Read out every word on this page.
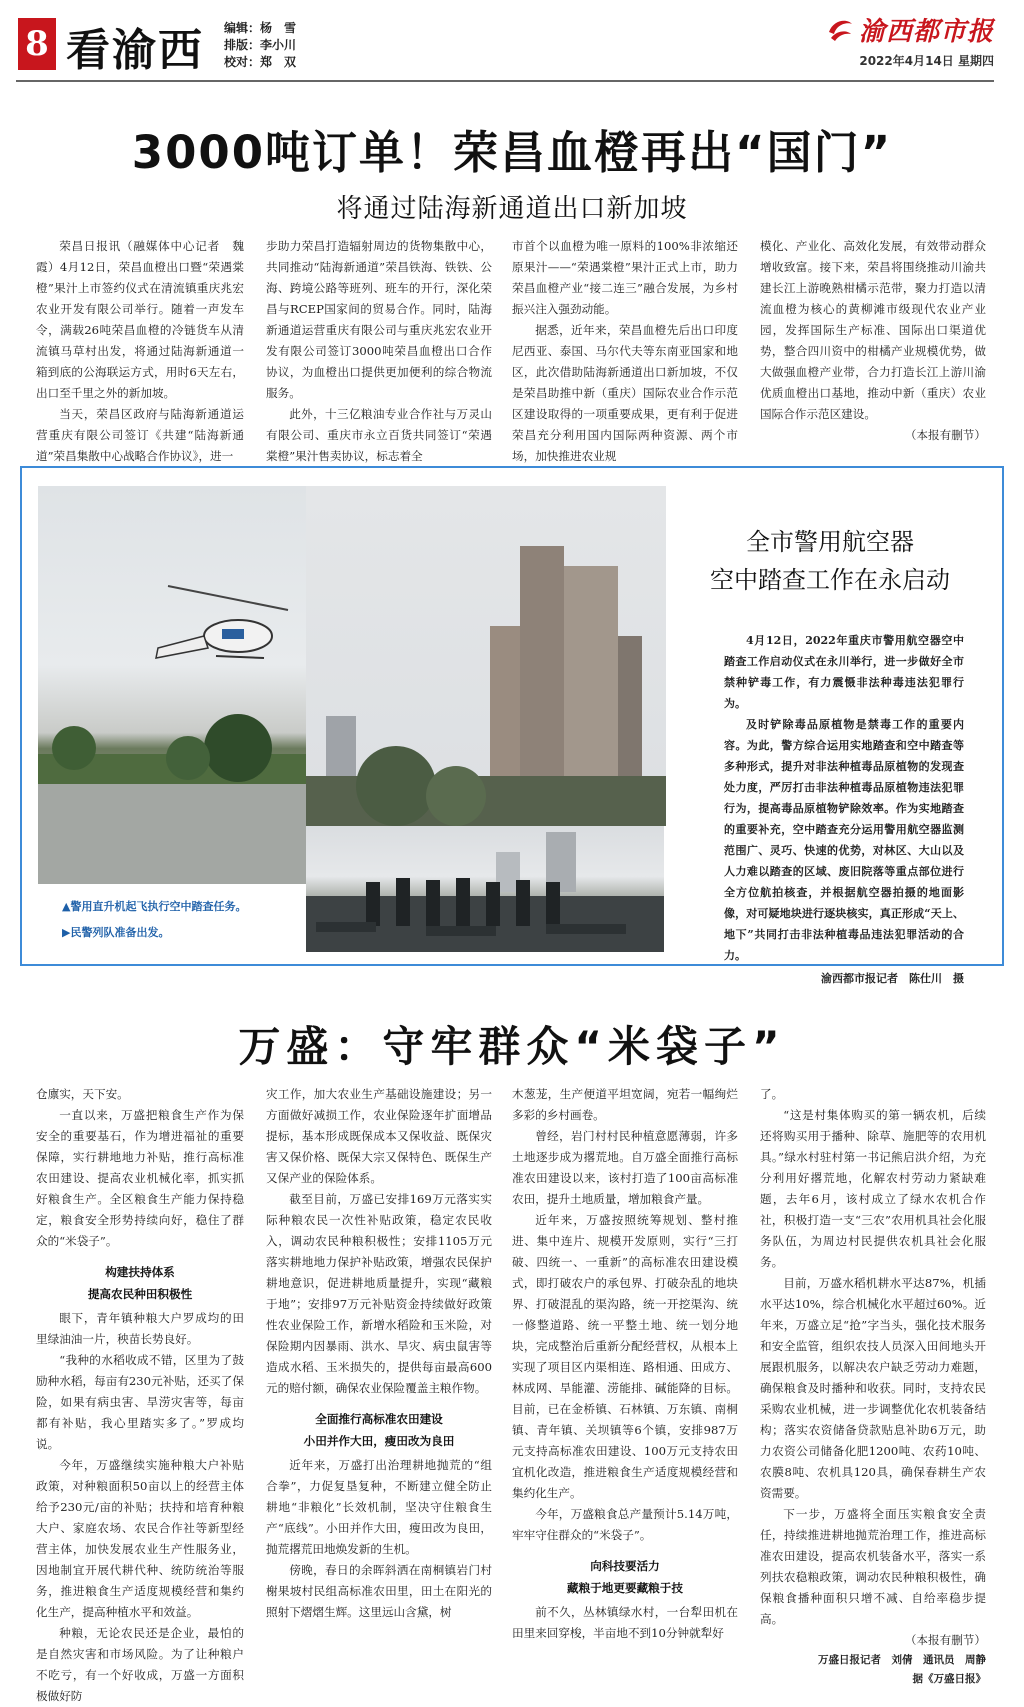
8 看渝西 编辑：杨　雪
排版：李小川
校对：郑　双
渝西都市报
2022年4月14日 星期四
3000吨订单！荣昌血橙再出“国门”
将通过陆海新通道出口新加坡

荣昌日报讯（融媒体中心记者　魏霞）4月12日，荣昌血橙出口暨“荣遇棠橙”果汁上市签约仪式在清流镇重庆兆宏农业开发有限公司举行。随着一声发车令，满载26吨荣昌血橙的冷链货车从清流镇马草村出发，将通过陆海新通道一箱到底的公海联运方式，用时6天左右，出口至千里之外的新加坡。

当天，荣昌区政府与陆海新通道运营重庆有限公司签订《共建“陆海新通道”荣昌集散中心战略合作协议》，进一

步助力荣昌打造辐射周边的货物集散中心，共同推动“陆海新通道”荣昌铁海、铁铁、公海、跨境公路等班列、班车的开行，深化荣昌与RCEP国家间的贸易合作。同时，陆海新通道运营重庆有限公司与重庆兆宏农业开发有限公司签订3000吨荣昌血橙出口合作协议，为血橙出口提供更加便利的综合物流服务。

此外，十三亿粮油专业合作社与万灵山有限公司、重庆市永立百货共同签订“荣遇棠橙”果汁售卖协议，标志着全

市首个以血橙为唯一原料的100%非浓缩还原果汁——“荣遇棠橙”果汁正式上市，助力荣昌血橙产业“接二连三”融合发展，为乡村振兴注入强劲动能。

据悉，近年来，荣昌血橙先后出口印度尼西亚、泰国、马尔代夫等东南亚国家和地区，此次借助陆海新通道出口新加坡，不仅是荣昌助推中新（重庆）国际农业合作示范区建设取得的一项重要成果，更有利于促进荣昌充分利用国内国际两种资源、两个市场，加快推进农业规

模化、产业化、高效化发展，有效带动群众增收致富。接下来，荣昌将围绕推动川渝共建长江上游晚熟柑橘示范带，聚力打造以清流血橙为核心的黄柳滩市级现代农业产业园，发挥国际生产标准、国际出口渠道优势，整合四川资中的柑橘产业规模优势，做大做强血橙产业带，合力打造长江上游川渝优质血橙出口基地，推动中新（重庆）农业国际合作示范区建设。

（本报有删节）

▲警用直升机起飞执行空中踏查任务。
▶民警列队准备出发。
全市警用航空器
空中踏查工作在永启动

4月12日，2022年重庆市警用航空器空中踏查工作启动仪式在永川举行，进一步做好全市禁种铲毒工作，有力震慑非法种毒违法犯罪行为。

及时铲除毒品原植物是禁毒工作的重要内容。为此，警方综合运用实地踏查和空中踏查等多种形式，提升对非法种植毒品原植物的发现查处力度，严厉打击非法种植毒品原植物违法犯罪行为，提高毒品原植物铲除效率。作为实地踏查的重要补充，空中踏查充分运用警用航空器监测范围广、灵巧、快速的优势，对林区、大山以及人力难以踏查的区域、废旧院落等重点部位进行全方位航拍核查，并根据航空器拍摄的地面影像，对可疑地块进行逐块核实，真正形成“天上、地下”共同打击非法种植毒品违法犯罪活动的合力。

渝西都市报记者　陈仕川　摄

万盛：守牢群众“米袋子”

仓廪实，天下安。

一直以来，万盛把粮食生产作为保安全的重要基石，作为增进福祉的重要保障，实行耕地地力补贴，推行高标准农田建设、提高农业机械化率，抓实抓好粮食生产。全区粮食生产能力保持稳定，粮食安全形势持续向好，稳住了群众的“米袋子”。

构建扶持体系
提高农民种田积极性

眼下，青年镇种粮大户罗成均的田里绿油油一片，秧苗长势良好。

“我种的水稻收成不错，区里为了鼓励种水稻，每亩有230元补贴，还买了保险，如果有病虫害、旱涝灾害等，每亩都有补贴，我心里踏实多了。”罗成均说。

今年，万盛继续实施种粮大户补贴政策，对种粮面积50亩以上的经营主体给予230元/亩的补贴；扶持和培育种粮大户、家庭农场、农民合作社等新型经营主体，加快发展农业生产性服务业，因地制宜开展代耕代种、统防统治等服务，推进粮食生产适度规模经营和集约化生产，提高种植水平和效益。

种粮，无论农民还是企业，最怕的是自然灾害和市场风险。为了让种粮户不吃亏，有一个好收成，万盛一方面积极做好防

灾工作，加大农业生产基础设施建设；另一方面做好减损工作，农业保险逐年扩面增品提标，基本形成既保成本又保收益、既保灾害又保价格、既保大宗又保特色、既保生产又保产业的保险体系。

截至目前，万盛已安排169万元落实实际种粮农民一次性补贴政策，稳定农民收入，调动农民种粮积极性；安排1105万元落实耕地地力保护补贴政策，增强农民保护耕地意识，促进耕地质量提升，实现“藏粮于地”；安排97万元补贴资金持续做好政策性农业保险工作，新增水稻险和玉米险，对保险期内因暴雨、洪水、旱灾、病虫鼠害等造成水稻、玉米损失的，提供每亩最高600元的赔付额，确保农业保险覆盖主粮作物。

全面推行高标准农田建设
小田并作大田，瘦田改为良田

近年来，万盛打出治理耕地抛荒的“组合拳”，力促复垦复种，不断建立健全防止耕地“非粮化”长效机制，坚决守住粮食生产“底线”。小田并作大田，瘦田改为良田，抛荒撂荒田地焕发新的生机。

傍晚，春日的余晖斜洒在南桐镇岩门村榭果坡村民组高标准农田里，田土在阳光的照射下熠熠生辉。这里远山含黛，树

木葱茏，生产便道平坦宽阔，宛若一幅绚烂多彩的乡村画卷。

曾经，岩门村村民种植意愿薄弱，许多土地逐步成为撂荒地。自万盛全面推行高标准农田建设以来，该村打造了100亩高标准农田，提升土地质量，增加粮食产量。

近年来，万盛按照统筹规划、整村推进、集中连片、规模开发原则，实行“三打破、四统一、一重新”的高标准农田建设模式，即打破农户的承包界、打破杂乱的地块界、打破混乱的渠沟路，统一开挖渠沟、统一修整道路、统一平整土地、统一划分地块，完成整治后重新分配经营权，从根本上实现了项目区内渠相连、路相通、田成方、林成网、旱能灌、涝能排、碱能降的目标。目前，已在金桥镇、石林镇、万东镇、南桐镇、青年镇、关坝镇等6个镇，安排987万元支持高标准农田建设、100万元支持农田宜机化改造，推进粮食生产适度规模经营和集约化生产。

今年，万盛粮食总产量预计5.14万吨，牢牢守住群众的“米袋子”。

向科技要活力
藏粮于地更要藏粮于技

前不久，丛林镇绿水村，一台犁田机在田里来回穿梭，半亩地不到10分钟就犁好

了。

“这是村集体购买的第一辆农机，后续还将购买用于播种、除草、施肥等的农用机具。”绿水村驻村第一书记熊启洪介绍，为充分利用好撂荒地，化解农村劳动力紧缺难题，去年6月，该村成立了绿水农机合作社，积极打造一支“三农”农用机具社会化服务队伍，为周边村民提供农机具社会化服务。

目前，万盛水稻机耕水平达87%，机插水平达10%，综合机械化水平超过60%。近年来，万盛立足“抢”字当头，强化技术服务和安全监管，组织农技人员深入田间地头开展跟机服务，以解决农户缺乏劳动力难题，确保粮食及时播种和收获。同时，支持农民采购农业机械，进一步调整优化农机装备结构；落实农资储备贷款贴息补助6万元，助力农资公司储备化肥1200吨、农药10吨、农膜8吨、农机具120具，确保春耕生产农资需要。

下一步，万盛将全面压实粮食安全责任，持续推进耕地抛荒治理工作，推进高标准农田建设，提高农机装备水平，落实一系列扶农稳粮政策，调动农民种粮积极性，确保粮食播种面积只增不减、自给率稳步提高。

（本报有删节）
万盛日报记者　刘倩　通讯员　周静
据《万盛日报》
